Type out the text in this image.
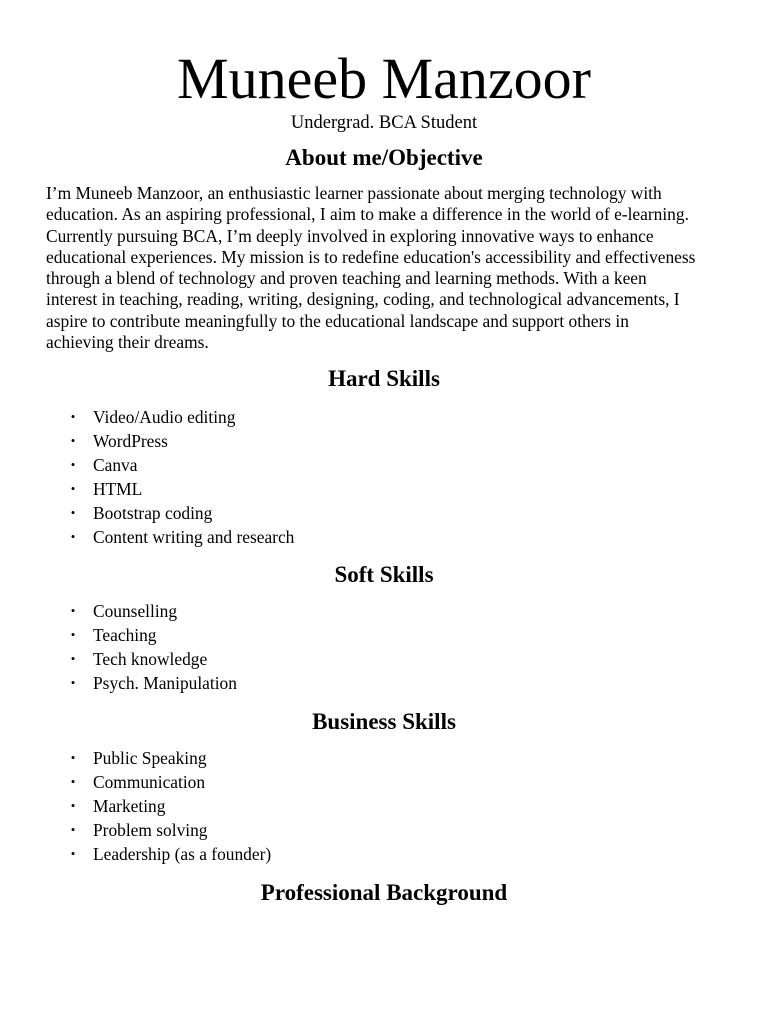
Muneeb Manzoor

Undergrad. BCA Student

About me/Objective
I’m Muneeb Manzoor, an enthusiastic learner passionate about merging technology with
education. As an aspiring professional, I aim to make a difference in the world of e-learning.
Currently pursuing BCA, I’m deeply involved in exploring innovative ways to enhance
educational experiences. My mission is to redefine education's accessibility and effectiveness
through a blend of technology and proven teaching and learning methods. With a keen
interest in teaching, reading, writing, designing, coding, and technological advancements, I
aspire to contribute meaningfully to the educational landscape and support others in
achieving their dreams.
Hard Skills
• Video/Audio editing
• WordPress
• Canva
• HTML
• Bootstrap coding
• Content writing and research
Soft Skills
• Counselling
• Teaching
• Tech knowledge
• Psych. Manipulation
Business Skills
• Public Speaking
• Communication
• Marketing
• Problem solving
• Leadership (as a founder)
Professional Background
